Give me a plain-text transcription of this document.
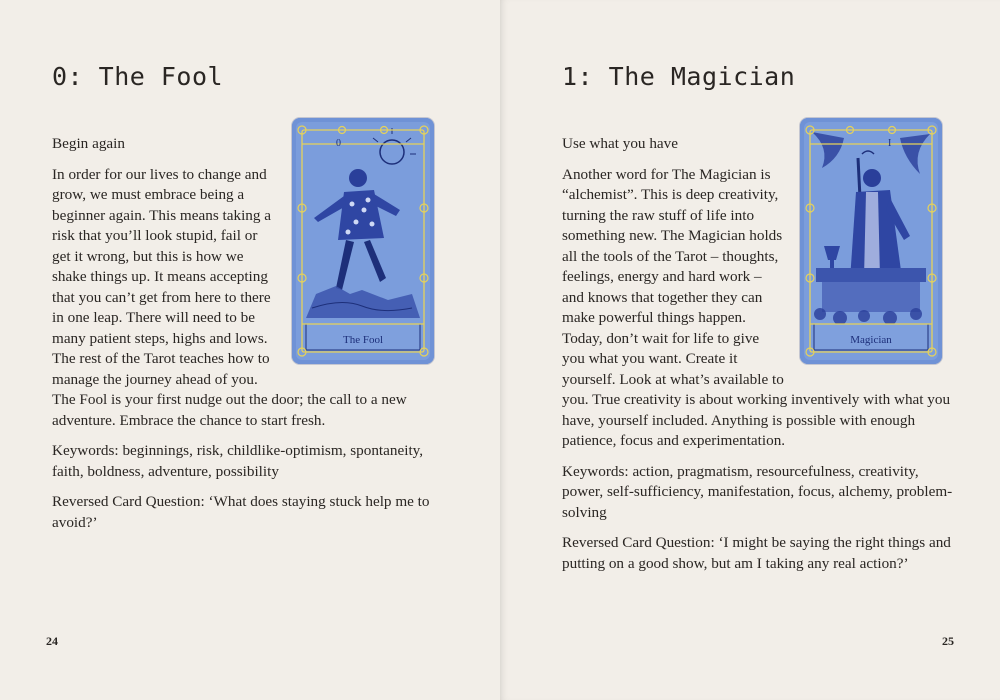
0: The Fool
0
The Fool

Begin again

In order for our lives to change and grow, we must embrace being a beginner again. This means taking a risk that you’ll look stupid, fail or get it wrong, but this is how we shake things up. It means accepting that you can’t get from here to there in one leap. There will need to be many patient steps, highs and lows. The rest of the Tarot teaches how to manage the journey ahead of you. The Fool is your first nudge out the door; the call to a new adventure. Embrace the chance to start fresh.

Keywords: beginnings, risk, childlike-optimism, spontaneity, faith, boldness, adventure, possibility

Reversed Card Question: ‘What does staying stuck help me to avoid?’

24

1: The Magician
I
Magician

Use what you have

Another word for The Magician is “alchemist”. This is deep creativity, turning the raw stuff of life into something new. The Magician holds all the tools of the Tarot – thoughts, feelings, energy and hard work – and knows that together they can make powerful things happen. Today, don’t wait for life to give you what you want. Create it yourself. Look at what’s available to you. True creativity is about working inventively with what you have, yourself included. Anything is possible with enough patience, focus and experimentation.

Keywords: action, pragmatism, resourcefulness, creativity, power, self-sufficiency, manifestation, focus, alchemy, problem-solving

Reversed Card Question: ‘I might be saying the right things and putting on a good show, but am I taking any real action?’

25
